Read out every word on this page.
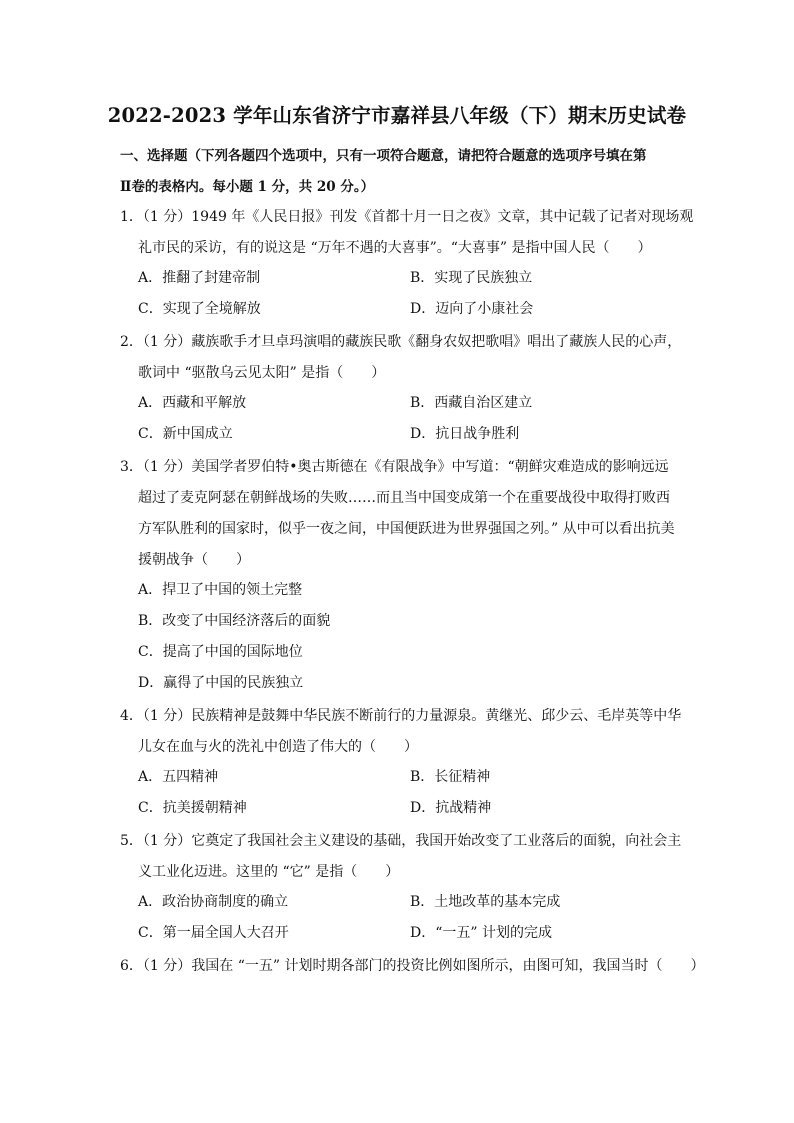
2022-2023 学年山东省济宁市嘉祥县八年级（下）期末历史试卷
一、选择题（下列各题四个选项中，只有一项符合题意，请把符合题意的选项序号填在第
Ⅱ卷的表格内。每小题 1 分，共 20 分。）
1．（1 分）1949 年《人民日报》刊发《首都十月一日之夜》文章，其中记载了记者对现场观
礼市民的采访，有的说这是 “万年不遇的大喜事”。“大喜事” 是指中国人民（　　）
A．推翻了封建帝制	B．实现了民族独立
C．实现了全境解放	D．迈向了小康社会
2．（1 分）藏族歌手才旦卓玛演唱的藏族民歌《翻身农奴把歌唱》唱出了藏族人民的心声，
歌词中 “驱散乌云见太阳” 是指（　　）
A．西藏和平解放	B．西藏自治区建立
C．新中国成立	D．抗日战争胜利
3．（1 分）美国学者罗伯特•奥古斯德在《有限战争》中写道：“朝鲜灾难造成的影响远远
超过了麦克阿瑟在朝鲜战场的失败……而且当中国变成第一个在重要战役中取得打败西
方军队胜利的国家时，似乎一夜之间，中国便跃进为世界强国之列。” 从中可以看出抗美
援朝战争（　　）
A．捍卫了中国的领土完整
B．改变了中国经济落后的面貌
C．提高了中国的国际地位
D．赢得了中国的民族独立
4．（1 分）民族精神是鼓舞中华民族不断前行的力量源泉。黄继光、邱少云、毛岸英等中华
儿女在血与火的洗礼中创造了伟大的（　　）
A．五四精神	B．长征精神
C．抗美援朝精神	D．抗战精神
5．（1 分）它奠定了我国社会主义建设的基础，我国开始改变了工业落后的面貌，向社会主
义工业化迈进。这里的 “它” 是指（　　）
A．政治协商制度的确立	B．土地改革的基本完成
C．第一届全国人大召开	D．“一五” 计划的完成
6．（1 分）我国在 “一五” 计划时期各部门的投资比例如图所示，由图可知，我国当时（　　）
